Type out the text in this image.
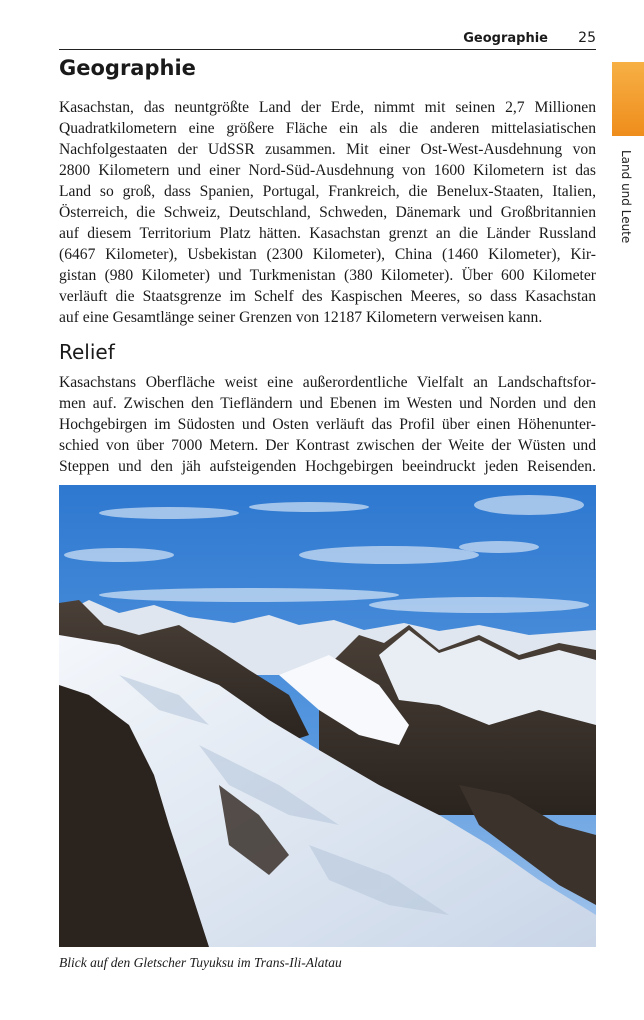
Geographie 25
Land und Leute
Geographie
Kasachstan, das neuntgrößte Land der Erde, nimmt mit seinen 2,7 Millionen
Quadratkilometern eine größere Fläche ein als die anderen mittelasiatischen
Nachfolgestaaten der UdSSR zusammen. Mit einer Ost-West-Ausdehnung von
2800 Kilometern und einer Nord-Süd-Ausdehnung von 1600 Kilometern ist das
Land so groß, dass Spanien, Portugal, Frankreich, die Benelux-Staaten, Italien,
Österreich, die Schweiz, Deutschland, Schweden, Dänemark und Großbritannien
auf diesem Territorium Platz hätten. Kasachstan grenzt an die Länder Russland
(6467 Kilometer), Usbekistan (2300 Kilometer), China (1460 Kilometer), Kir-
gistan (980 Kilometer) und Turkmenistan (380 Kilometer). Über 600 Kilometer
verläuft die Staatsgrenze im Schelf des Kaspischen Meeres, so dass Kasachstan
auf eine Gesamtlänge seiner Grenzen von 12187 Kilometern verweisen kann.
Relief
Kasachstans Oberfläche weist eine außerordentliche Vielfalt an Landschaftsfor-
men auf. Zwischen den Tiefländern und Ebenen im Westen und Norden und den
Hochgebirgen im Südosten und Osten verläuft das Profil über einen Höhenunter-
schied von über 7000 Metern. Der Kontrast zwischen der Weite der Wüsten und
Steppen und den jäh aufsteigenden Hochgebirgen beeindruckt jeden Reisenden.
Blick auf den Gletscher Tuyuksu im Trans-Ili-Alatau
